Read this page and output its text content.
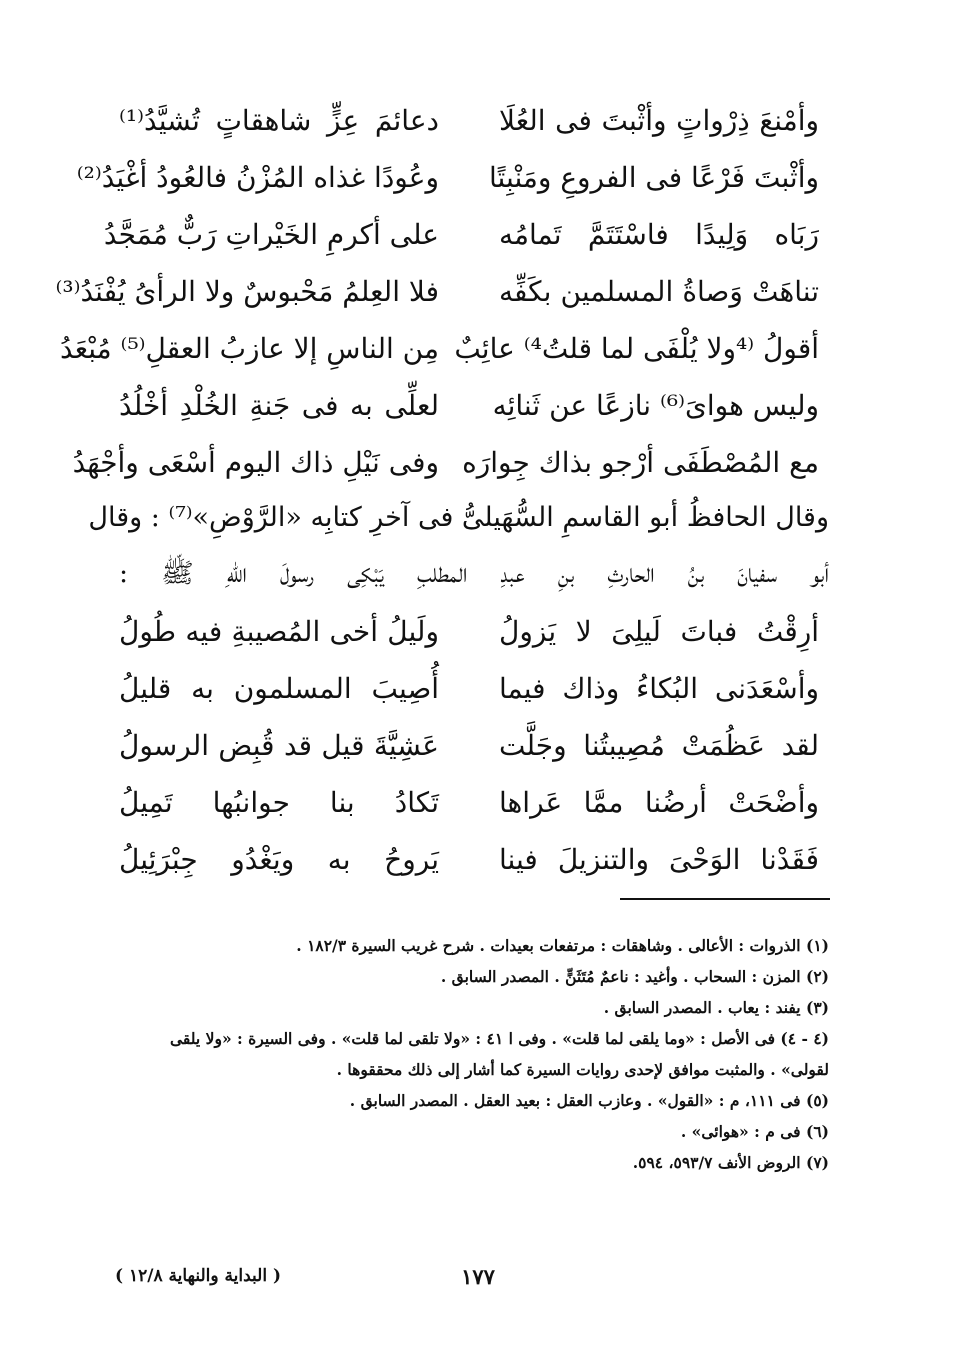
وأمْنعَ ذِرْواتٍ وأثْبتَ فى العُلَا
دعائمَ عِزٍّ شاهقاتٍ تُشيَّدُ⁽¹⁾
وأثْبتَ فَرْعًا فى الفروعِ ومَنْبِتًا
وعُودًا غذاه المُزْنُ فالعُودُ أغْيَدُ⁽²⁾
رَبَاه وَلِيدًا فاسْتَتَمَّ تَمامُه
على أكرمِ الخَيْراتِ رَبٌّ مُمَجَّدُ
تناهَتْ وَصاةُ المسلمين بكَفِّه
فلا العِلمُ مَحْبوسٌ ولا الرأىُ يُفْنَدُ⁽³⁾
أقولُ ⁽⁴ولا يُلْفَى لما قلتُ⁴⁾ عائِبٌ
مِن الناسِ إلا عازبُ العقلِ⁽⁵⁾ مُبْعَدُ
وليس هوایَ⁽⁶⁾ نازعًا عن ثَنائِه
لعلِّى به فى جَنةِ الخُلْدِ أخْلُدُ
مع المُصْطَفَى أرْجو بذاك جِوارَه
وفى نَيْلِ ذاك اليوم أسْعَى وأجْهَدُ
وقال الحافظُ أبو القاسمِ السُّهَيلىُّ فى آخرِ كتابِه «الرَّوْضِ»⁽⁷⁾ : وقال
أبو سفيانَ بنُ الحارثِ بنِ عبدِ المطلبِ يَبْكِى رسولَ اللّهِ ﷺ :
أرِقْتُ فباتَ لَيلِىَ لا يَزولُ
ولَيلُ أخى المُصيبةِ فيه طُولُ
وأسْعَدَنى البُكاءُ وذاك فيما
أُصِيبَ المسلمون به قليلُ
لقد عَظُمَتْ مُصِيبتُنا وجَلَّت
عَشِيَّةَ قيل قد قُبِض الرسولُ
وأضْحَتْ أرضُنا ممَّا عَراها
تَكادُ بنا جوانبُها تَمِيلُ
فَقَدْنا الوَحْىَ والتنزيلَ فينا
يَروحُ به ويَغْدُو جِبْرَئِيلُ
(١) الذروات : الأعالى . وشاهقات : مرتفعات بعيدات . شرح غريب السيرة ١٨٢/٣ .
(٢) المزن : السحاب . وأغيد : ناعمٌ مُتَثَنٍّ . المصدر السابق .
(٣) يفند : يعاب . المصدر السابق .
(٤ - ٤) فى الأصل : «وما يلقى لما قلت» . وفى ا ٤١ : «ولا تلقى لما قلت» . وفى السيرة : «ولا يلقى
لقولى» . والمثبت موافق لإحدى روايات السيرة كما أشار إلى ذلك محققوها .
(٥) فى ١١١، م : «القول» . وعازب العقل : بعيد العقل . المصدر السابق .
(٦) فى م : «هوائى» .
(٧) الروض الأنف ٥٩٣/٧، ٥٩٤.
١٧٧
( البداية والنهاية ١٢/٨ )
